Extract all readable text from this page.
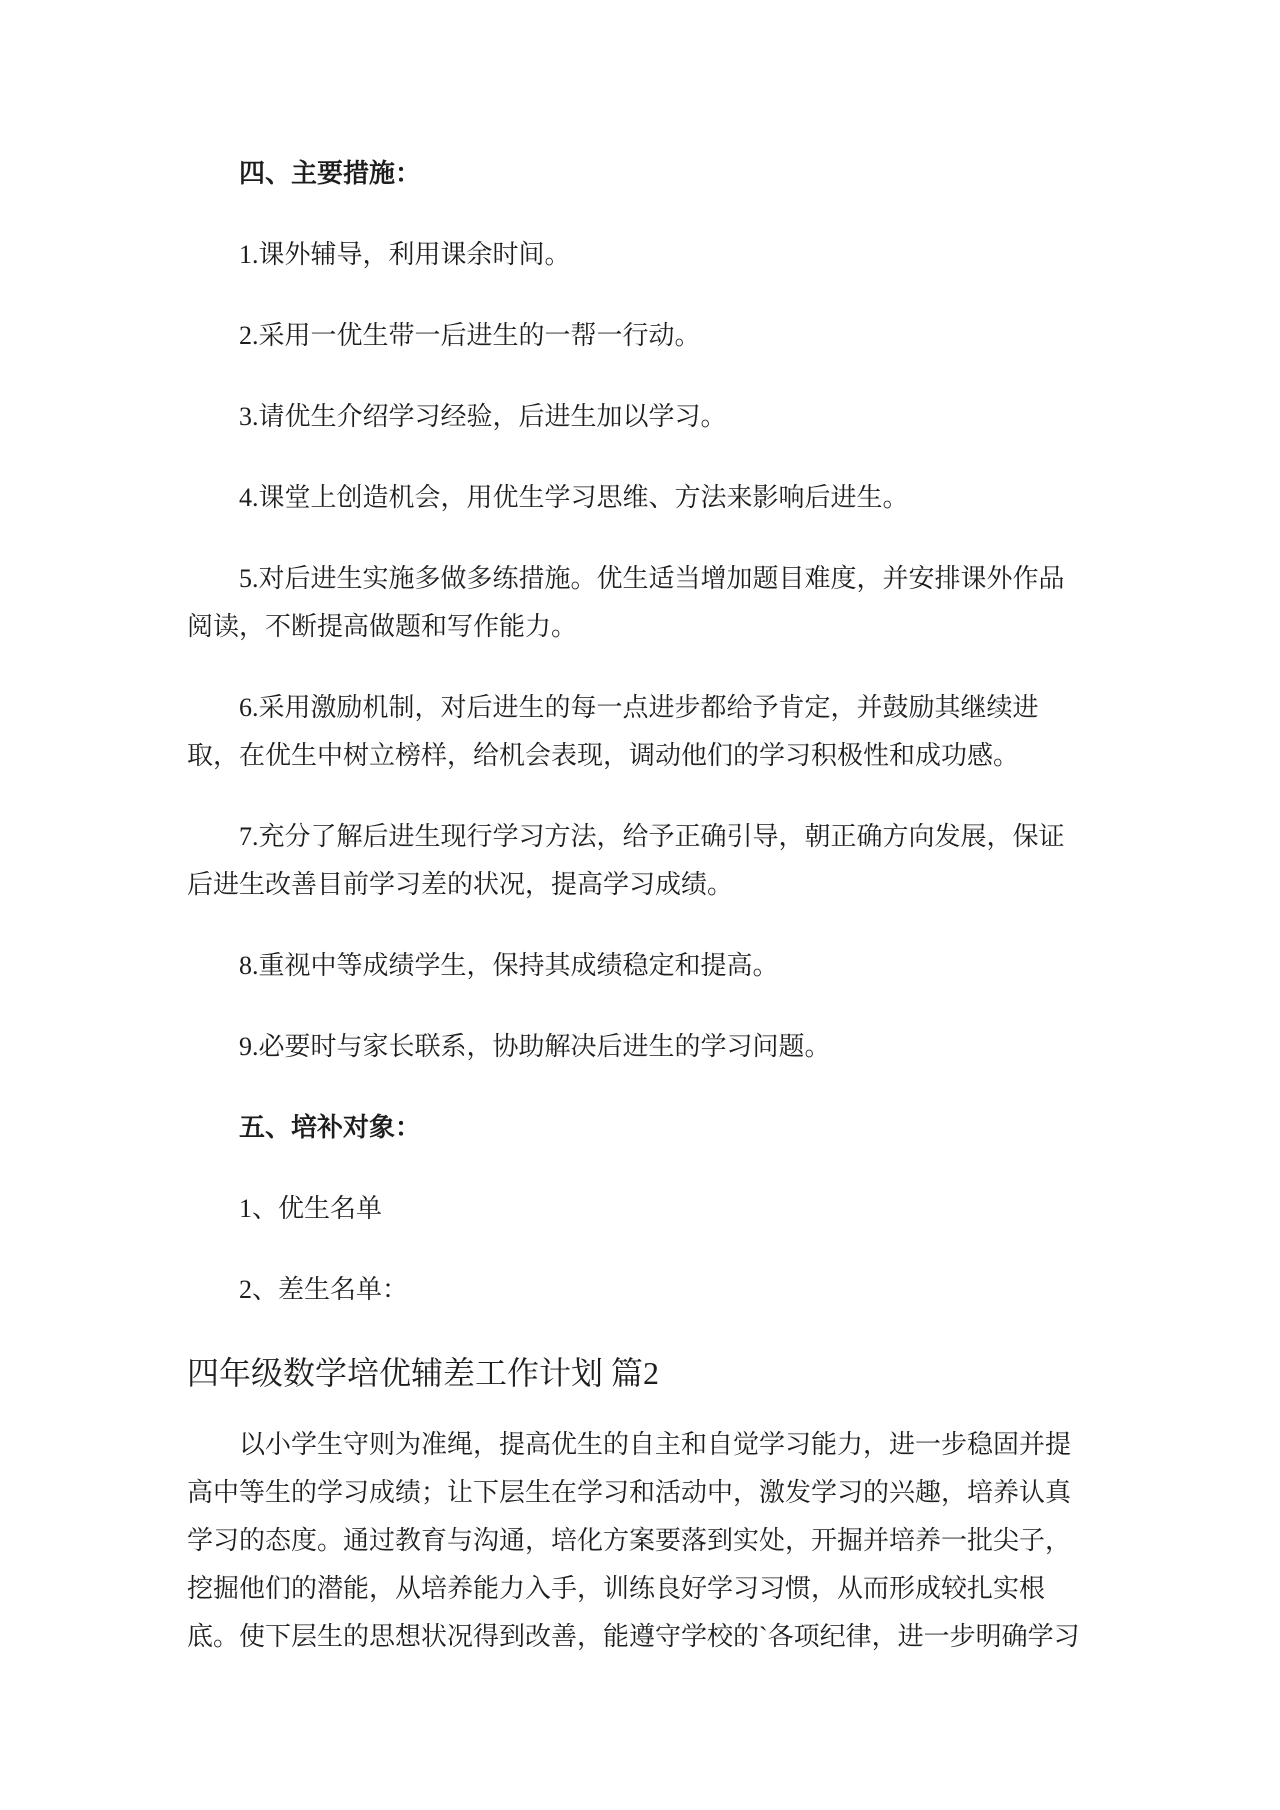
四、主要措施：

1.课外辅导，利用课余时间。

2.采用一优生带一后进生的一帮一行动。

3.请优生介绍学习经验，后进生加以学习。

4.课堂上创造机会，用优生学习思维、方法来影响后进生。

5.对后进生实施多做多练措施。优生适当增加题目难度，并安排课外作品阅读，不断提高做题和写作能力。

6.采用激励机制，对后进生的每一点进步都给予肯定，并鼓励其继续进取，在优生中树立榜样，给机会表现，调动他们的学习积极性和成功感。

7.充分了解后进生现行学习方法，给予正确引导，朝正确方向发展，保证后进生改善目前学习差的状况，提高学习成绩。

8.重视中等成绩学生，保持其成绩稳定和提高。

9.必要时与家长联系，协助解决后进生的学习问题。

五、培补对象：

1、优生名单

2、差生名单：

四年级数学培优辅差工作计划 篇2

以小学生守则为准绳，提高优生的自主和自觉学习能力，进一步稳固并提高中等生的学习成绩；让下层生在学习和活动中，激发学习的兴趣，培养认真学习的态度。通过教育与沟通，培化方案要落到实处，开掘并培养一批尖子，挖掘他们的潜能，从培养能力入手，训练良好学习习惯，从而形成较扎实根底。使下层生的思想状况得到改善，能遵守学校的`各项纪律，进一步明确学习
